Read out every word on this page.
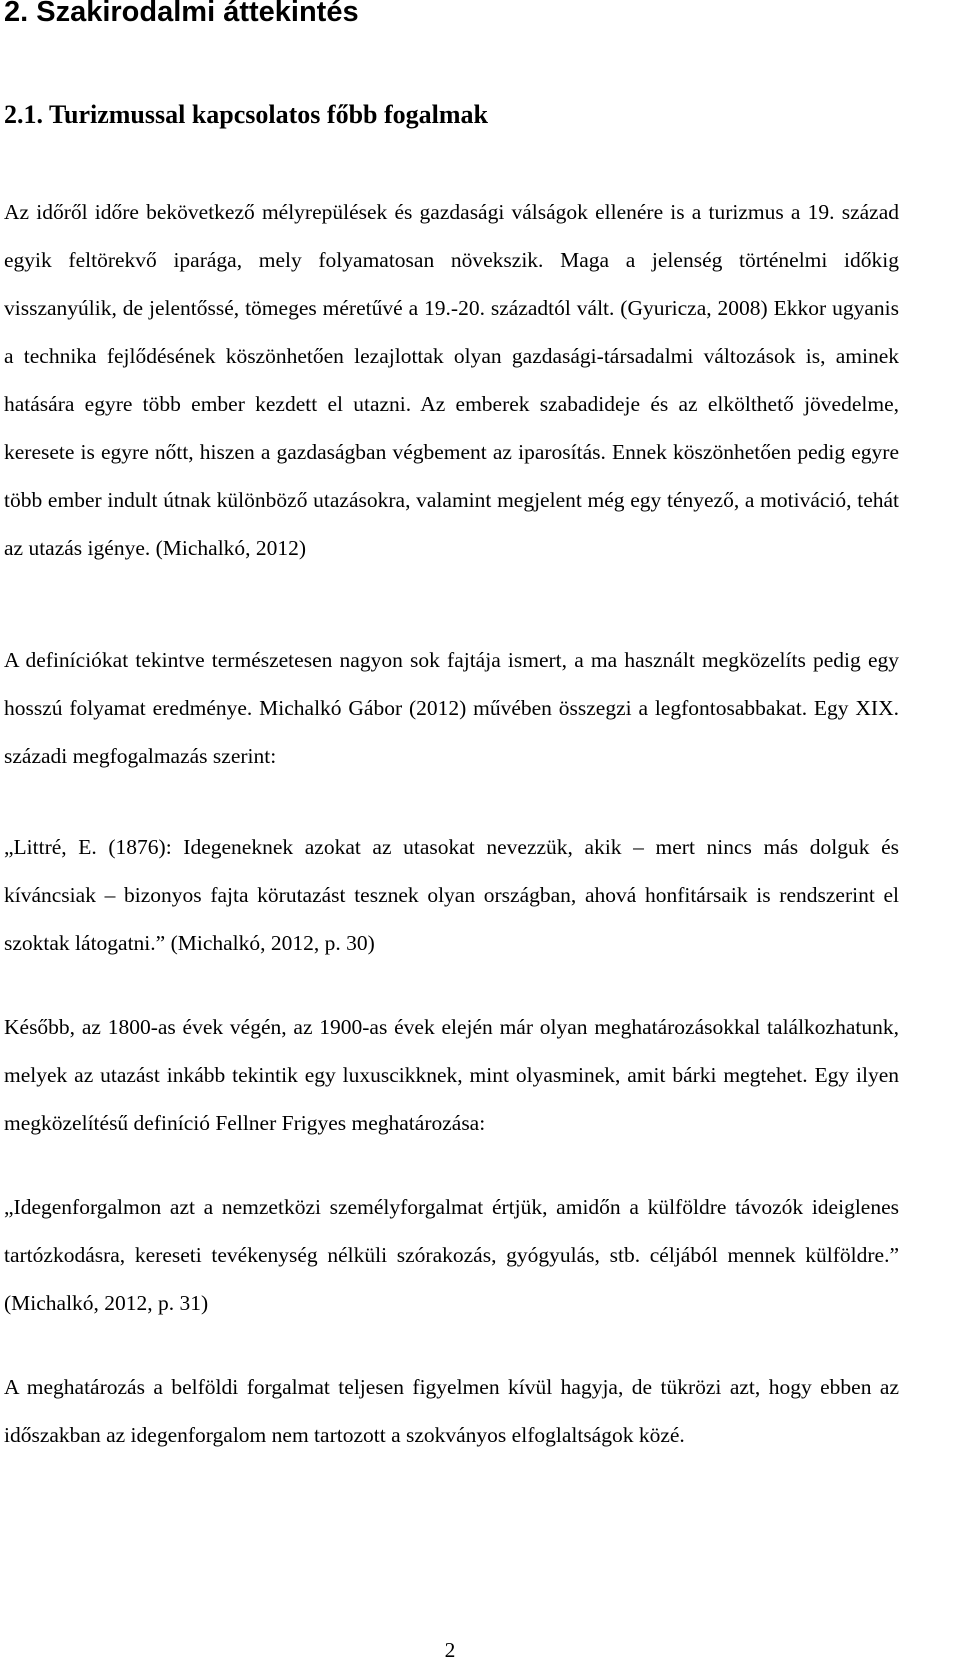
2. Szakirodalmi áttekintés
2.1. Turizmussal kapcsolatos főbb fogalmak

Az időről időre bekövetkező mélyrepülések és gazdasági válságok ellenére is a turizmus a 19. század egyik feltörekvő iparága, mely folyamatosan növekszik. Maga a jelenség történelmi időkig visszanyúlik, de jelentőssé, tömeges méretűvé a 19.-20. századtól vált. (Gyuricza, 2008) Ekkor ugyanis a technika fejlődésének köszönhetően lezajlottak olyan gazdasági-társadalmi változások is, aminek hatására egyre több ember kezdett el utazni. Az emberek szabadideje és az elkölthető jövedelme, keresete is egyre nőtt, hiszen a gazdaságban végbement az iparosítás. Ennek köszönhetően pedig egyre több ember indult útnak különböző utazásokra, valamint megjelent még egy tényező, a motiváció, tehát az utazás igénye. (Michalkó, 2012)

A definíciókat tekintve természetesen nagyon sok fajtája ismert, a ma használt megközelíts pedig egy hosszú folyamat eredménye. Michalkó Gábor (2012) művében összegzi a legfontosabbakat. Egy XIX. századi megfogalmazás szerint:

„Littré, E. (1876): Idegeneknek azokat az utasokat nevezzük, akik – mert nincs más dolguk és kíváncsiak – bizonyos fajta körutazást tesznek olyan országban, ahová honfitársaik is rendszerint el szoktak látogatni.” (Michalkó, 2012, p. 30)

Később, az 1800-as évek végén, az 1900-as évek elején már olyan meghatározásokkal találkozhatunk, melyek az utazást inkább tekintik egy luxuscikknek, mint olyasminek, amit bárki megtehet. Egy ilyen megközelítésű definíció Fellner Frigyes meghatározása:

„Idegenforgalmon azt a nemzetközi személyforgalmat értjük, amidőn a külföldre távozók ideiglenes tartózkodásra, kereseti tevékenység nélküli szórakozás, gyógyulás, stb. céljából mennek külföldre.” (Michalkó, 2012, p. 31)

A meghatározás a belföldi forgalmat teljesen figyelmen kívül hagyja, de tükrözi azt, hogy ebben az időszakban az idegenforgalom nem tartozott a szokványos elfoglaltságok közé.

2
